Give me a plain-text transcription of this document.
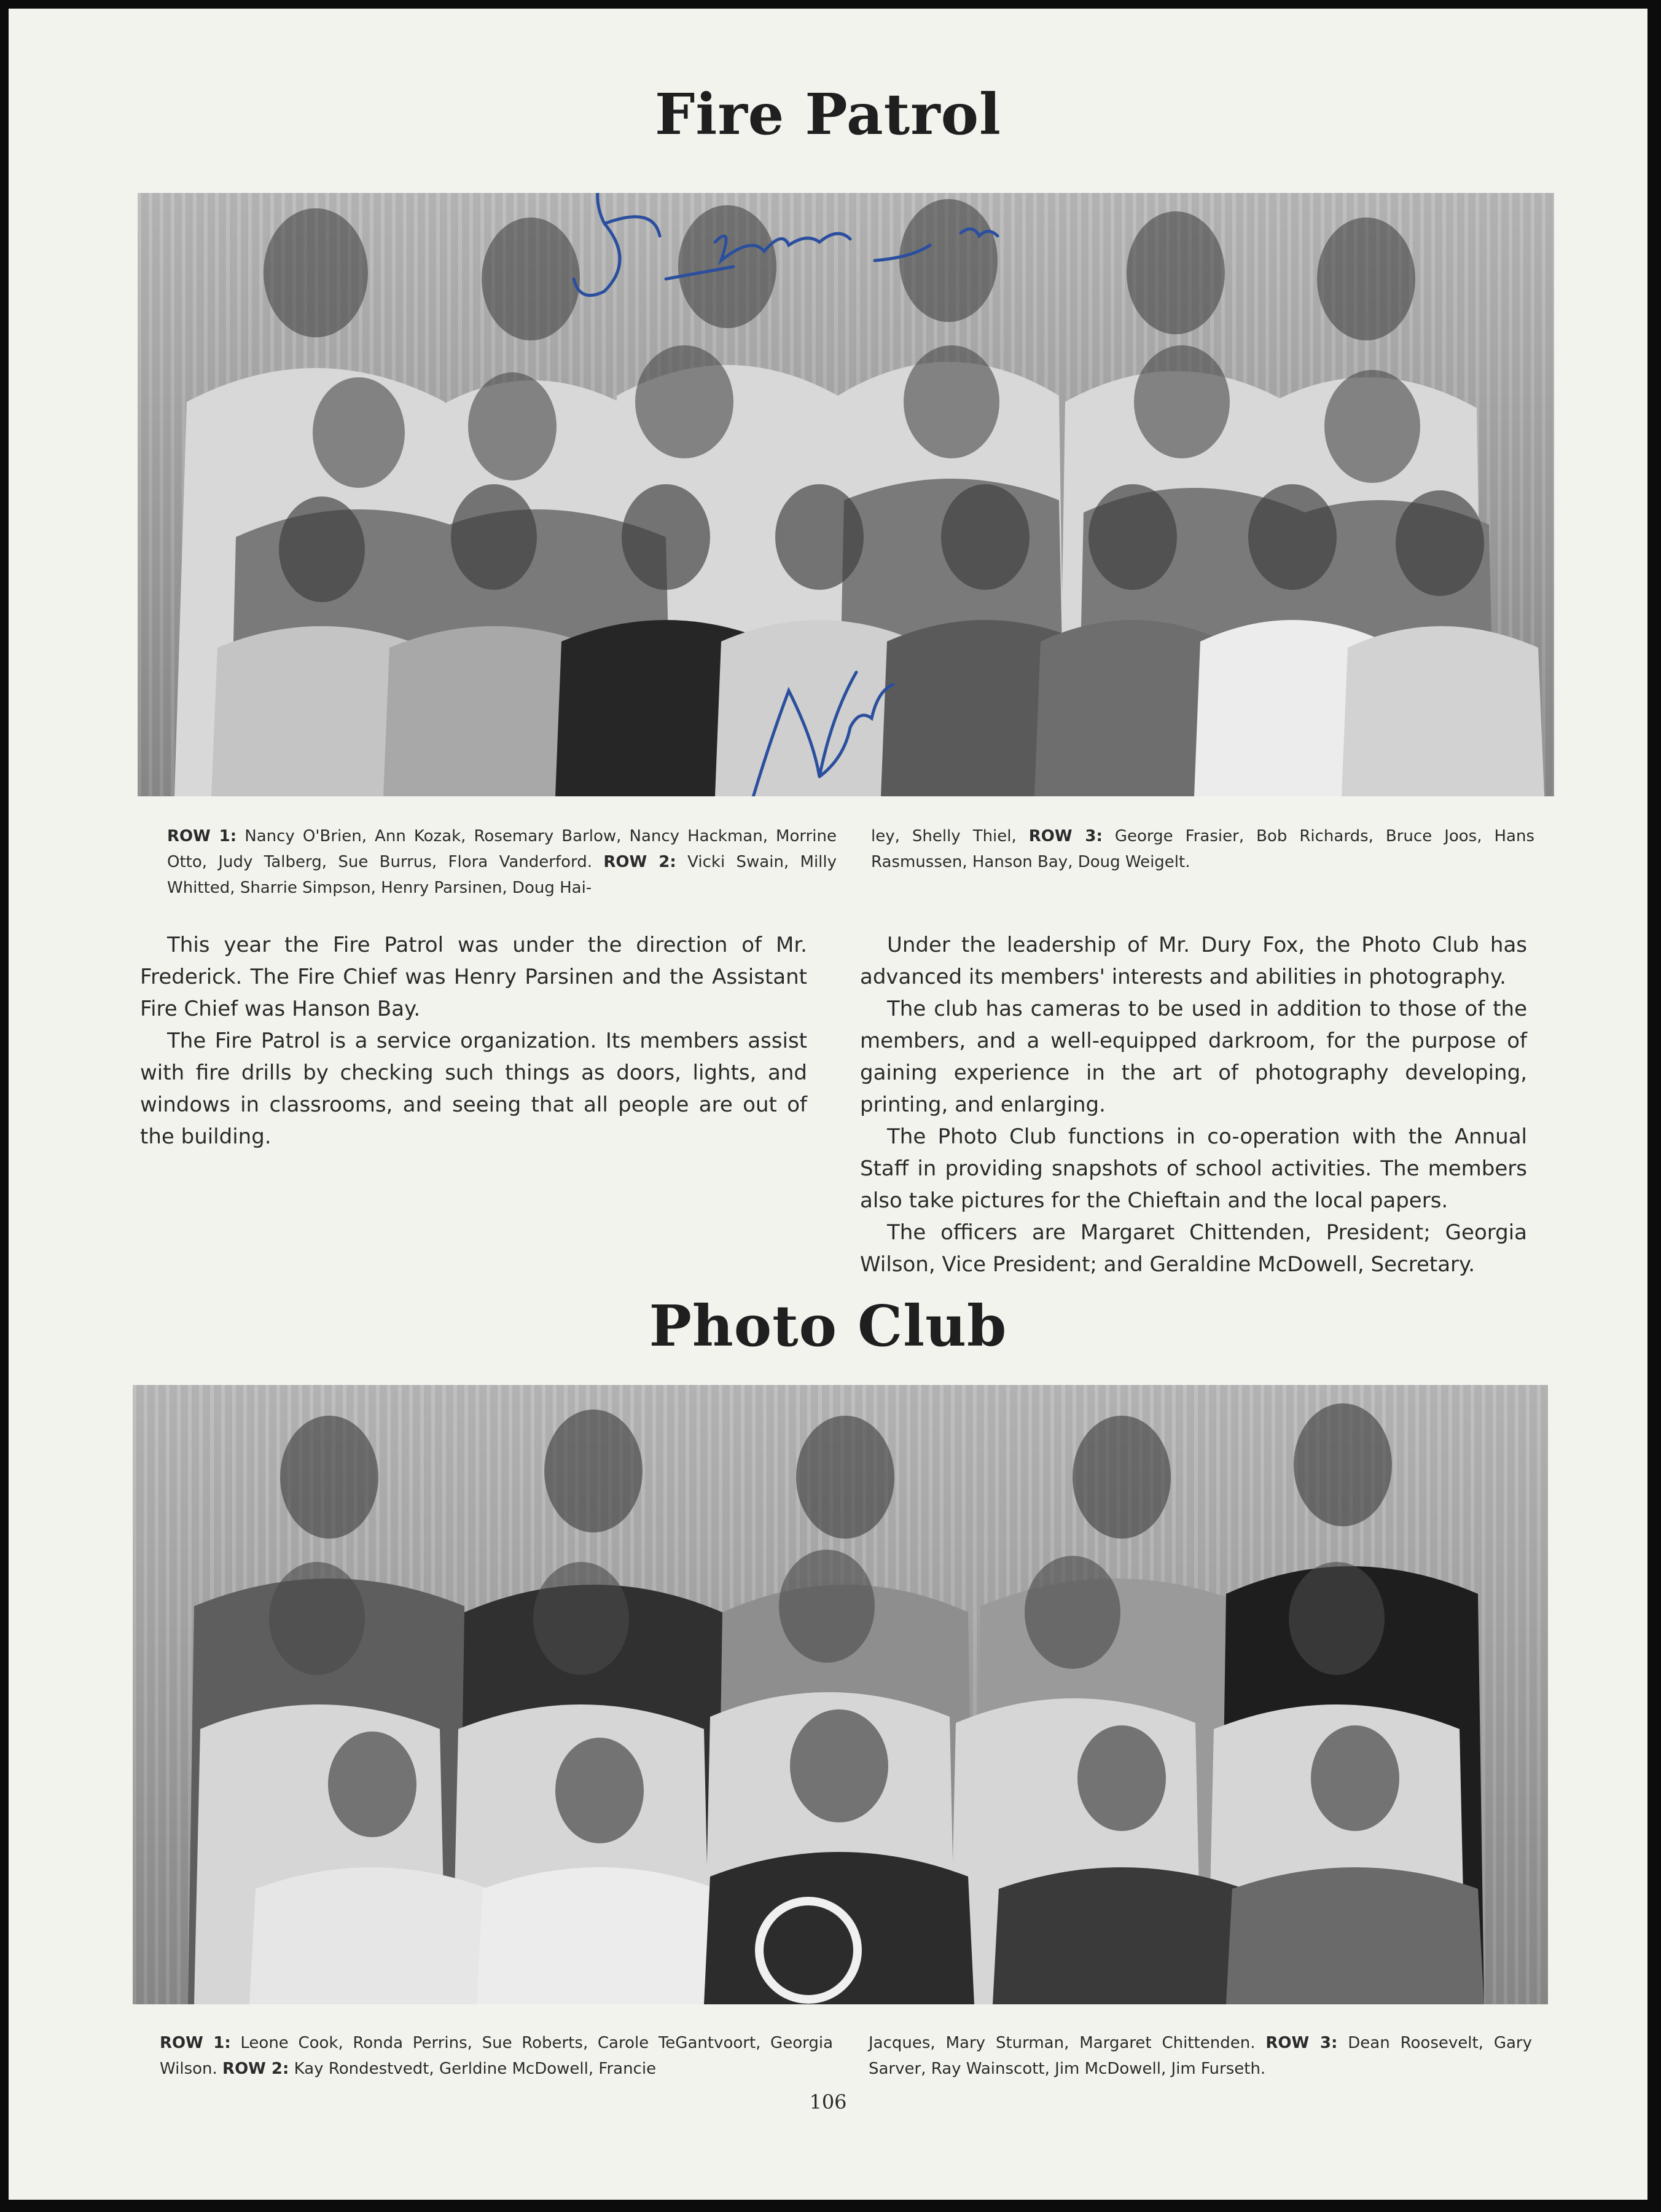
Fire Patrol

ROW 1: Nancy O'Brien, Ann Kozak, Rosemary Barlow, Nancy Hackman, Morrine Otto, Judy Talberg, Sue Burrus, Flora Vanderford. ROW 2: Vicki Swain, Milly Whitted, Sharrie Simpson, Henry Parsinen, Doug Hai-

ley, Shelly Thiel, ROW 3: George Frasier, Bob Richards, Bruce Joos, Hans Rasmussen, Hanson Bay, Doug Weigelt.

This year the Fire Patrol was under the direction of Mr. Frederick. The Fire Chief was Henry Parsinen and the Assistant Fire Chief was Hanson Bay.

The Fire Patrol is a service organization. Its members assist with fire drills by checking such things as doors, lights, and windows in classrooms, and seeing that all people are out of the building.

Under the leadership of Mr. Dury Fox, the Photo Club has advanced its members' interests and abilities in photography.

The club has cameras to be used in addition to those of the members, and a well-equipped darkroom, for the purpose of gaining experience in the art of photography developing, printing, and enlarging.

The Photo Club functions in co-operation with the Annual Staff in providing snapshots of school activities. The members also take pictures for the Chieftain and the local papers.

The officers are Margaret Chittenden, President; Georgia Wilson, Vice President; and Geraldine McDowell, Secretary.

Photo Club

ROW 1: Leone Cook, Ronda Perrins, Sue Roberts, Carole TeGantvoort, Georgia Wilson. ROW 2: Kay Rondestvedt, Gerldine McDowell, Francie

Jacques, Mary Sturman, Margaret Chittenden. ROW 3: Dean Roosevelt, Gary Sarver, Ray Wainscott, Jim McDowell, Jim Furseth.

106
